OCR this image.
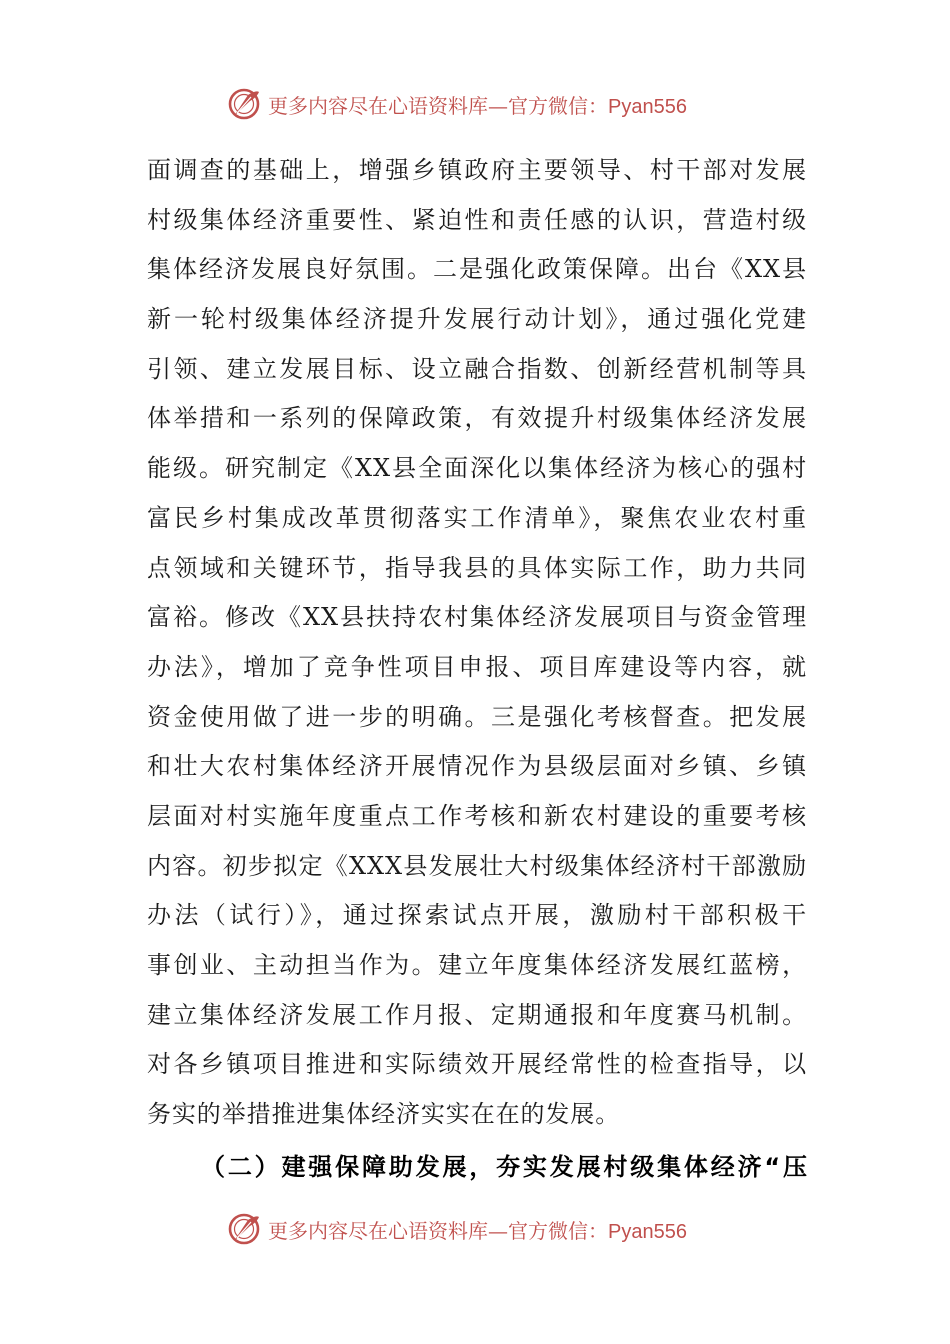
更多内容尽在心语资料库—官方微信：Pyan556
面调查的基础上，增强乡镇政府主要领导、村干部对发展
村级集体经济重要性、紧迫性和责任感的认识，营造村级
集体经济发展良好氛围。二是强化政策保障。出台《XX县
新一轮村级集体经济提升发展行动计划》，通过强化党建
引领、建立发展目标、设立融合指数、创新经营机制等具
体举措和一系列的保障政策，有效提升村级集体经济发展
能级。研究制定《XX县全面深化以集体经济为核心的强村
富民乡村集成改革贯彻落实工作清单》，聚焦农业农村重
点领域和关键环节，指导我县的具体实际工作，助力共同
富裕。修改《XX县扶持农村集体经济发展项目与资金管理
办法》，增加了竞争性项目申报、项目库建设等内容，就
资金使用做了进一步的明确。三是强化考核督查。把发展
和壮大农村集体经济开展情况作为县级层面对乡镇、乡镇
层面对村实施年度重点工作考核和新农村建设的重要考核
内容。初步拟定《XXX县发展壮大村级集体经济村干部激励
办法（试行）》，通过探索试点开展，激励村干部积极干
事创业、主动担当作为。建立年度集体经济发展红蓝榜，
建立集体经济发展工作月报、定期通报和年度赛马机制。
对各乡镇项目推进和实际绩效开展经常性的检查指导，以
务实的举措推进集体经济实实在在的发展。
（二）建强保障助发展，夯实发展村级集体经济“压
更多内容尽在心语资料库—官方微信：Pyan556
